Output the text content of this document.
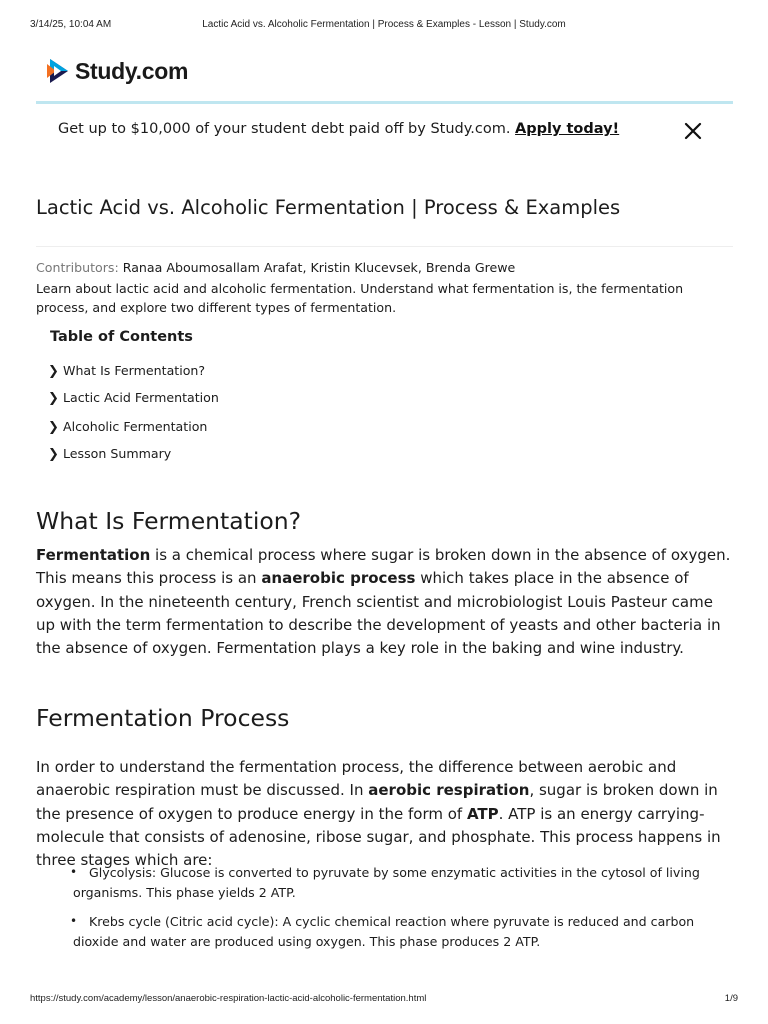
3/14/25, 10:04 AM	Lactic Acid vs. Alcoholic Fermentation | Process & Examples - Lesson | Study.com
Study.com
Get up to $10,000 of your student debt paid off by Study.com. Apply today!
Lactic Acid vs. Alcoholic Fermentation | Process & Examples
Contributors: Ranaa Aboumosallam Arafat, Kristin Klucevsek, Brenda Grewe

Learn about lactic acid and alcoholic fermentation. Understand what fermentation is, the fermentation process, and explore two different types of fermentation.

Table of Contents
❯ What Is Fermentation?
❯ Lactic Acid Fermentation
❯ Alcoholic Fermentation
❯ Lesson Summary
What Is Fermentation?

Fermentation is a chemical process where sugar is broken down in the absence of oxygen. This means this process is an anaerobic process which takes place in the absence of oxygen. In the nineteenth century, French scientist and microbiologist Louis Pasteur came up with the term fermentation to describe the development of yeasts and other bacteria in the absence of oxygen. Fermentation plays a key role in the baking and wine industry.

Fermentation Process

In order to understand the fermentation process, the difference between aerobic and anaerobic respiration must be discussed. In aerobic respiration, sugar is broken down in the presence of oxygen to produce energy in the form of ATP. ATP is an energy carrying-molecule that consists of adenosine, ribose sugar, and phosphate. This process happens in three stages which are:

• Glycolysis: Glucose is converted to pyruvate by some enzymatic activities in the cytosol of living organisms. This phase yields 2 ATP.
• Krebs cycle (Citric acid cycle): A cyclic chemical reaction where pyruvate is reduced and carbon dioxide and water are produced using oxygen. This phase produces 2 ATP.
https://study.com/academy/lesson/anaerobic-respiration-lactic-acid-alcoholic-fermentation.html	1/9
